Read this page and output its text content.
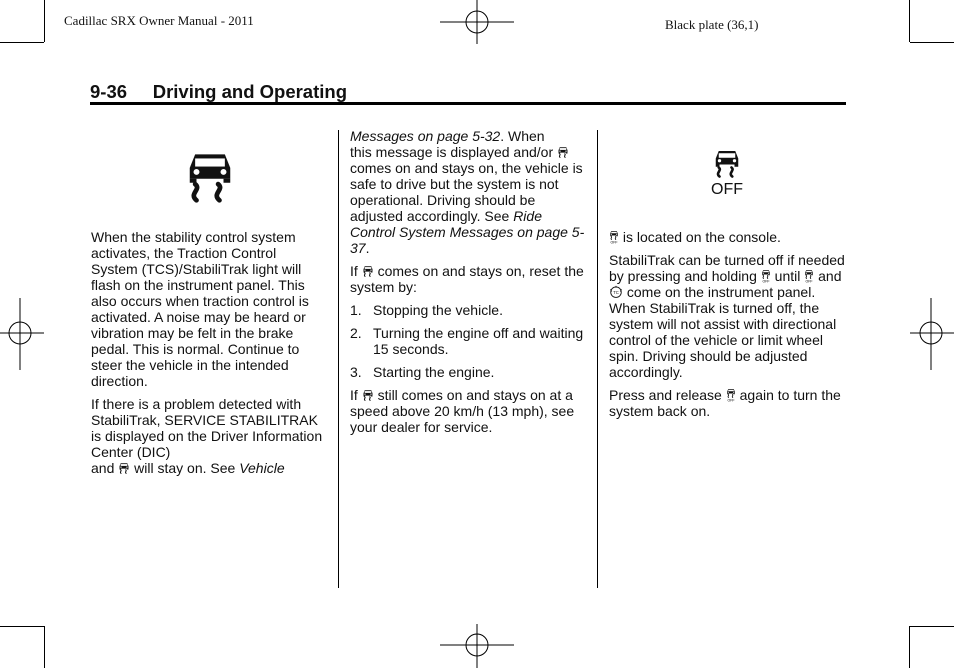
Cadillac SRX Owner Manual - 2011	Black plate (36,1)
9-36 Driving and Operating
OFF

When the stability control system activates, the Traction Control System (TCS)/StabiliTrak light will flash on the instrument panel. This also occurs when traction control is activated. A noise may be heard or vibration may be felt in the brake pedal. This is normal. Continue to steer the vehicle in the intended direction.

If there is a problem detected with StabiliTrak, SERVICE STABILITRAK is displayed on the Driver Information Center (DIC)
and will stay on. See Vehicle

Messages on page 5-32. When
this message is displayed and/or  comes on and stays on, the vehicle is safe to drive but the system is not operational. Driving should be adjusted accordingly. See Ride Control System Messages on page 5-37.

If comes on and stays on, reset the system by:

1. Stopping the vehicle.
2. Turning the engine off and waiting 15 seconds.
3. Starting the engine.

If still comes on and stays on at a speed above 20 km/h (13 mph), see your dealer for service.

OFF is located on the console.

StabiliTrak can be turned off if needed by pressing and holding OFF until OFF and  come on the instrument panel. When StabiliTrak is turned off, the system will not assist with directional control of the vehicle or limit wheel spin. Driving should be adjusted accordingly.

Press and release OFF again to turn the system back on.
